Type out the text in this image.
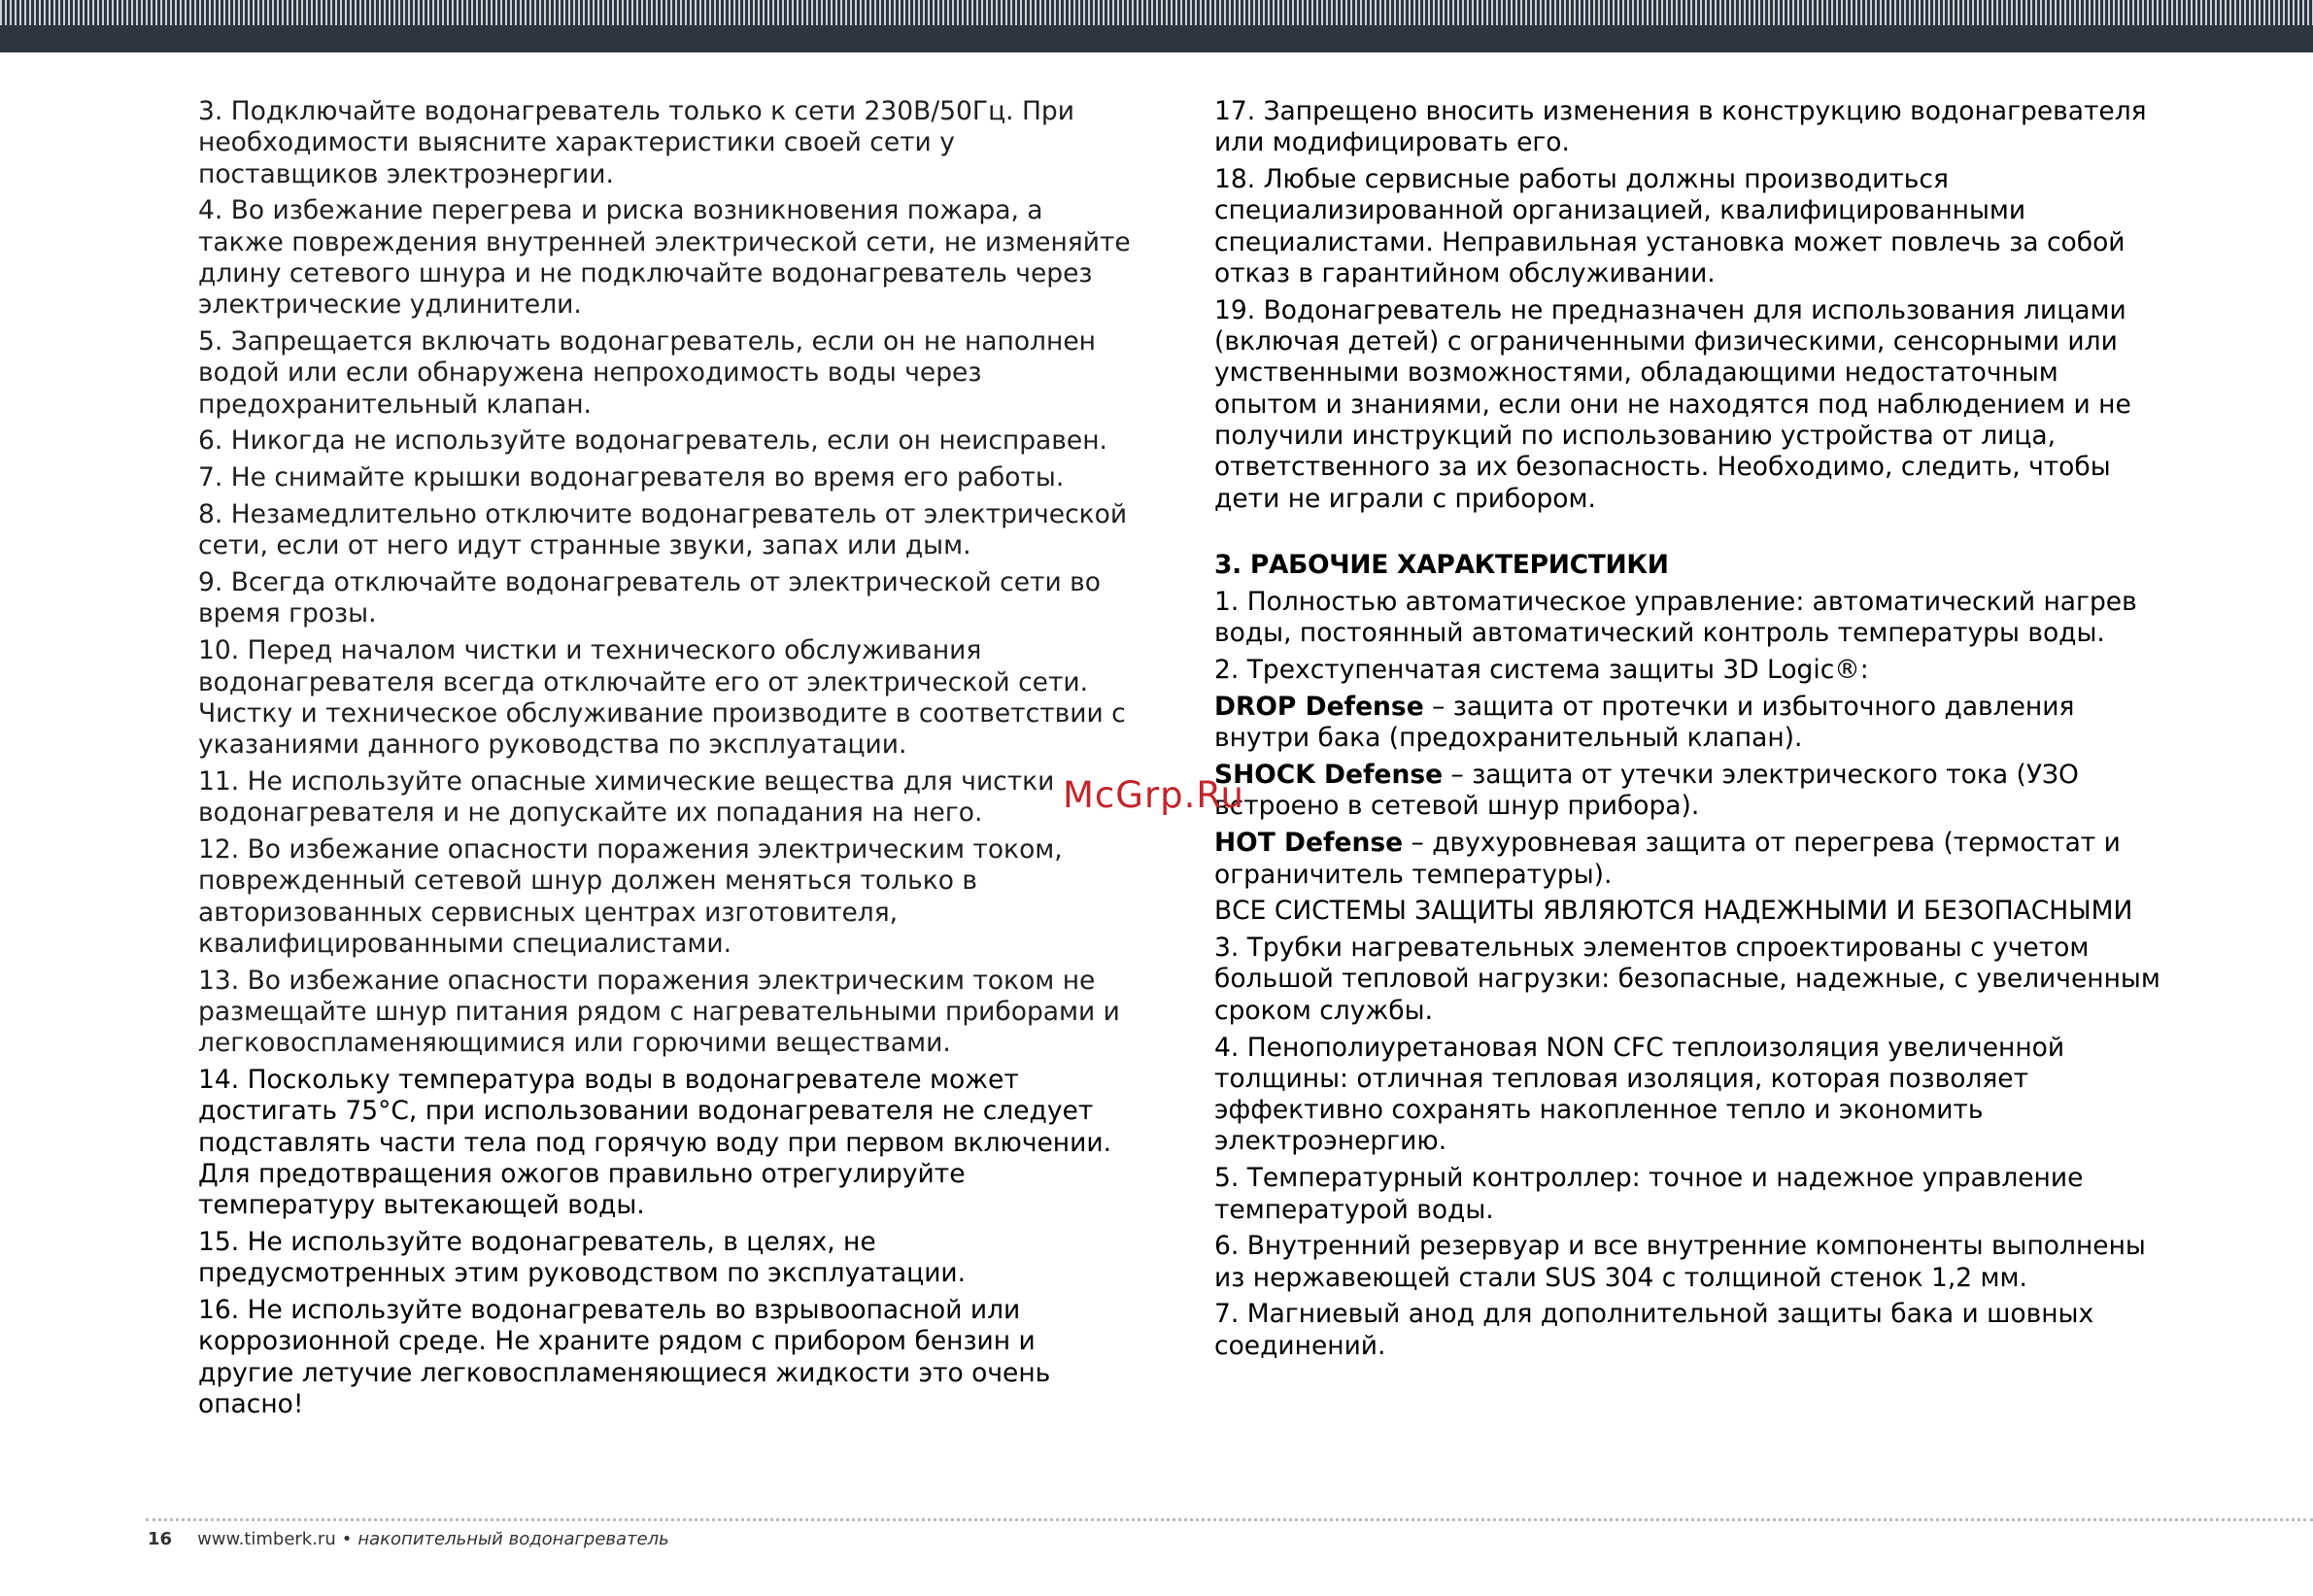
3. Подключайте водонагреватель только к сети 230В/50Гц. При необходимости выясните характеристики своей сети у поставщиков электроэнергии.

4. Во избежание перегрева и риска возникновения пожара, а также повреждения внутренней электрической сети, не изменяйте длину сетевого шнура и не подключайте водонагреватель через электрические удлинители.

5. Запрещается включать водонагреватель, если он не наполнен водой или если обнаружена непроходимость воды через предохранительный клапан.

6. Никогда не используйте водонагреватель, если он неисправен.

7. Не снимайте крышки водонагревателя во время его работы.

8. Незамедлительно отключите водонагреватель от электрической сети, если от него идут странные звуки, запах или дым.

9. Всегда отключайте водонагреватель от электрической сети во время грозы.

10. Перед началом чистки и технического обслуживания водонагревателя всегда отключайте его от электрической сети. Чистку и техническое обслуживание производите в соответствии с указаниями данного руководства по эксплуатации.

11. Не используйте опасные химические вещества для чистки водонагревателя и не допускайте их попадания на него.

12. Во избежание опасности поражения электрическим током, поврежденный сетевой шнур должен меняться только в авторизованных сервисных центрах изготовителя, квалифицированными специалистами.

13. Во избежание опасности поражения электрическим током не размещайте шнур питания рядом с нагревательными приборами и легковоспламеняющимися или горючими веществами.

14. Поскольку температура воды в водонагревателе может достигать 75°C, при использовании водонагревателя не следует подставлять части тела под горячую воду при первом включении. Для предотвращения ожогов правильно отрегулируйте температуру вытекающей воды.

15. Не используйте водонагреватель, в целях, не предусмотренных этим руководством по эксплуатации.

16. Не используйте водонагреватель во взрывоопасной или коррозионной среде. Не храните рядом с прибором бензин и другие летучие легковоспламеняющиеся жидкости это очень опасно!

17. Запрещено вносить изменения в конструкцию водонагревателя или модифицировать его.

18. Любые сервисные работы должны производиться специализированной организацией, квалифицированными специалистами. Неправильная установка может повлечь за собой отказ в гарантийном обслуживании.

19. Водонагреватель не предназначен для использования лицами (включая детей) с ограниченными физическими, сенсорными или умственными возможностями, обладающими недостаточным опытом и знаниями, если они не находятся под наблюдением и не получили инструкций по использованию устройства от лица, ответственного за их безопасность. Необходимо, следить, чтобы дети не играли с прибором.

3. РАБОЧИЕ ХАРАКТЕРИСТИКИ

1. Полностью автоматическое управление: автоматический нагрев воды, постоянный автоматический контроль температуры воды.

2. Трехступенчатая система защиты 3D Logic®:

DROP Defense – защита от протечки и избыточного давления внутри бака (предохранительный клапан).

SHOCK Defense – защита от утечки электрического тока (УЗО встроено в сетевой шнур прибора).

HOT Defense – двухуровневая защита от перегрева (термостат и ограничитель температуры).

ВСЕ СИСТЕМЫ ЗАЩИТЫ ЯВЛЯЮТСЯ НАДЕЖНЫМИ И БЕЗОПАСНЫМИ

3. Трубки нагревательных элементов спроектированы с учетом большой тепловой нагрузки: безопасные, надежные, с увеличенным сроком службы.

4. Пенополиуретановая NON CFC теплоизоляция увеличенной толщины: отличная тепловая изоляция, которая позволяет эффективно сохранять накопленное тепло и экономить электроэнергию.

5. Температурный контроллер: точное и надежное управление температурой воды.

6. Внутренний резервуар и все внутренние компоненты выполнены из нержавеющей стали SUS 304 с толщиной стенок 1,2 мм.

7. Магниевый анод для дополнительной защиты бака и шовных соединений.

McGrp.Ru
16 www.timberk.ru • накопительный водонагреватель
